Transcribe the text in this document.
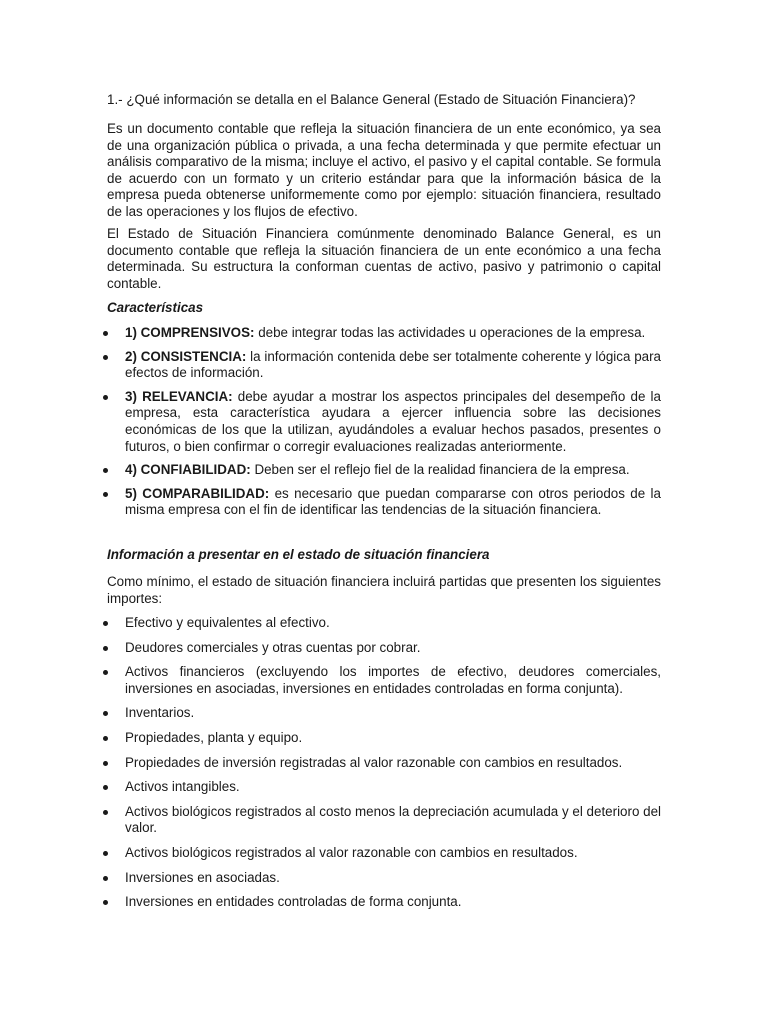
1.- ¿Qué información se detalla en el Balance General (Estado de Situación Financiera)?

Es un documento contable que refleja la situación financiera de un ente económico, ya sea de una organización pública o privada, a una fecha determinada y que permite efectuar un análisis comparativo de la misma; incluye el activo, el pasivo y el capital contable. Se formula de acuerdo con un formato y un criterio estándar para que la información básica de la empresa pueda obtenerse uniformemente como por ejemplo: situación financiera, resultado de las operaciones y los flujos de efectivo.

El Estado de Situación Financiera comúnmente denominado Balance General, es un documento contable que refleja la situación financiera de un ente económico a una fecha determinada. Su estructura la conforman cuentas de activo, pasivo y patrimonio o capital contable.

Características

1) COMPRENSIVOS: debe integrar todas las actividades u operaciones de la empresa.
2) CONSISTENCIA: la información contenida debe ser totalmente coherente y lógica para efectos de información.
3) RELEVANCIA: debe ayudar a mostrar los aspectos principales del desempeño de la empresa, esta característica ayudara a ejercer influencia sobre las decisiones económicas de los que la utilizan, ayudándoles a evaluar hechos pasados, presentes o futuros, o bien confirmar o corregir evaluaciones realizadas anteriormente.
4) CONFIABILIDAD: Deben ser el reflejo fiel de la realidad financiera de la empresa.
5) COMPARABILIDAD: es necesario que puedan compararse con otros periodos de la misma empresa con el fin de identificar las tendencias de la situación financiera.

Información a presentar en el estado de situación financiera

Como mínimo, el estado de situación financiera incluirá partidas que presenten los siguientes importes:

Efectivo y equivalentes al efectivo.
Deudores comerciales y otras cuentas por cobrar.
Activos financieros (excluyendo los importes de efectivo, deudores comerciales, inversiones en asociadas, inversiones en entidades controladas en forma conjunta).
Inventarios.
Propiedades, planta y equipo.
Propiedades de inversión registradas al valor razonable con cambios en resultados.
Activos intangibles.
Activos biológicos registrados al costo menos la depreciación acumulada y el deterioro del valor.
Activos biológicos registrados al valor razonable con cambios en resultados.
Inversiones en asociadas.
Inversiones en entidades controladas de forma conjunta.
